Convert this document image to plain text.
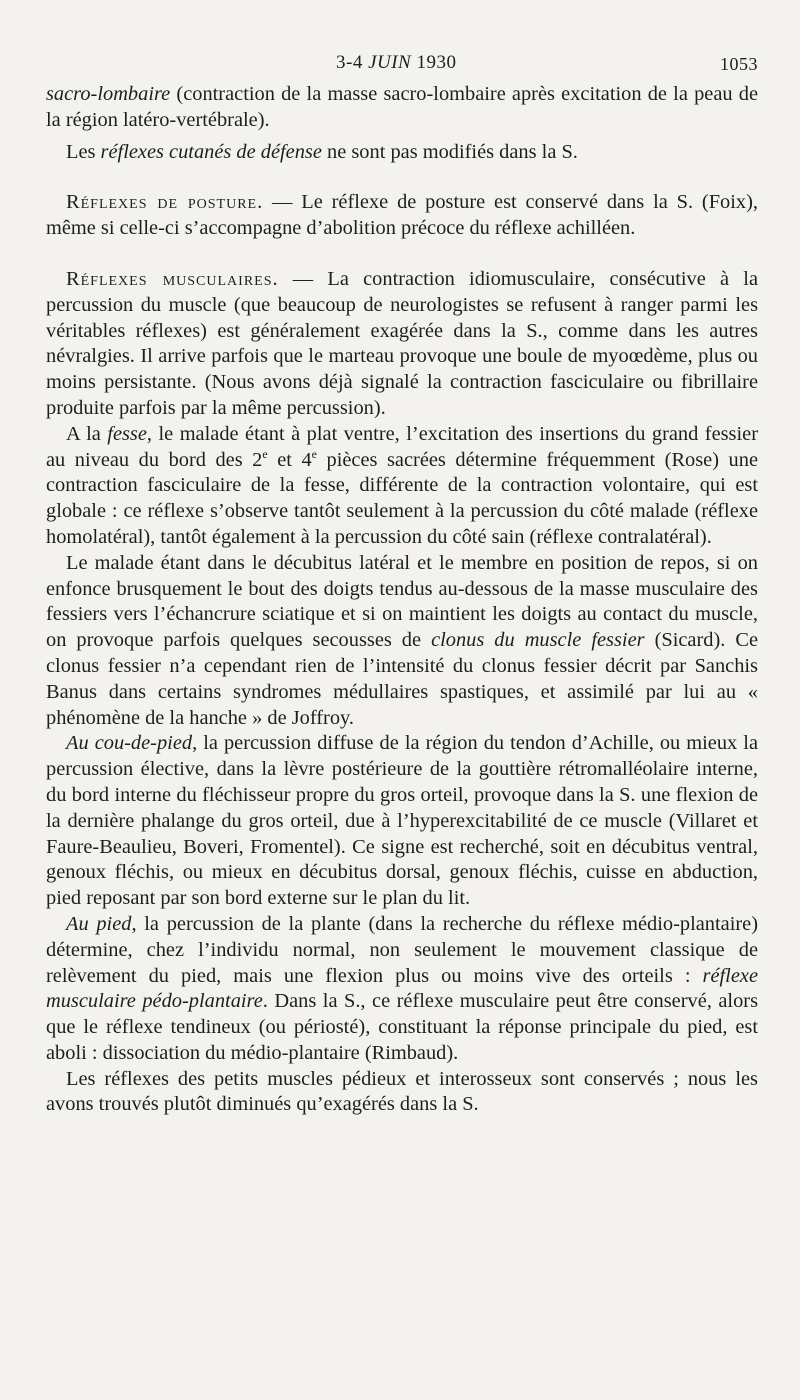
3-4 JUIN 1930	1053

sacro-lombaire (contraction de la masse sacro-lombaire après excitation de la peau de la région latéro-vertébrale).

Les réflexes cutanés de défense ne sont pas modifiés dans la S.

Réflexes de posture. — Le réflexe de posture est conservé dans la S. (Foix), même si celle-ci s’accompagne d’abolition précoce du réflexe achilléen.

Réflexes musculaires. — La contraction idiomusculaire, consécutive à la percussion du muscle (que beaucoup de neurologistes se refusent à ranger parmi les véritables réflexes) est généralement exagérée dans la S., comme dans les autres névralgies. Il arrive parfois que le marteau provoque une boule de myoœdème, plus ou moins persistante. (Nous avons déjà signalé la contraction fasciculaire ou fibrillaire produite parfois par la même percussion).

A la fesse, le malade étant à plat ventre, l’excitation des insertions du grand fessier au niveau du bord des 2e et 4e pièces sacrées détermine fréquemment (Rose) une contraction fasciculaire de la fesse, différente de la contraction volontaire, qui est globale : ce réflexe s’observe tantôt seulement à la percussion du côté malade (réflexe homolatéral), tantôt également à la percussion du côté sain (réflexe contralatéral).

Le malade étant dans le décubitus latéral et le membre en position de repos, si on enfonce brusquement le bout des doigts tendus au-dessous de la masse musculaire des fessiers vers l’échancrure sciatique et si on maintient les doigts au contact du muscle, on provoque parfois quelques secousses de clonus du muscle fessier (Sicard). Ce clonus fessier n’a cependant rien de l’intensité du clonus fessier décrit par Sanchis Banus dans certains syndromes médullaires spastiques, et assimilé par lui au « phénomène de la hanche » de Joffroy.

Au cou-de-pied, la percussion diffuse de la région du tendon d’Achille, ou mieux la percussion élective, dans la lèvre postérieure de la gouttière rétromalléolaire interne, du bord interne du fléchisseur propre du gros orteil, provoque dans la S. une flexion de la dernière phalange du gros orteil, due à l’hyperexcitabilité de ce muscle (Villaret et Faure-Beaulieu, Boveri, Fromentel). Ce signe est recherché, soit en décubitus ventral, genoux fléchis, ou mieux en décubitus dorsal, genoux fléchis, cuisse en abduction, pied reposant par son bord externe sur le plan du lit.

Au pied, la percussion de la plante (dans la recherche du réflexe médio-plantaire) détermine, chez l’individu normal, non seulement le mouvement classique de relèvement du pied, mais une flexion plus ou moins vive des orteils : réflexe musculaire pédo-plantaire. Dans la S., ce réflexe musculaire peut être conservé, alors que le réflexe tendineux (ou périosté), constituant la réponse principale du pied, est aboli : dissociation du médio-plantaire (Rimbaud).

Les réflexes des petits muscles pédieux et interosseux sont conservés ; nous les avons trouvés plutôt diminués qu’exagérés dans la S.
